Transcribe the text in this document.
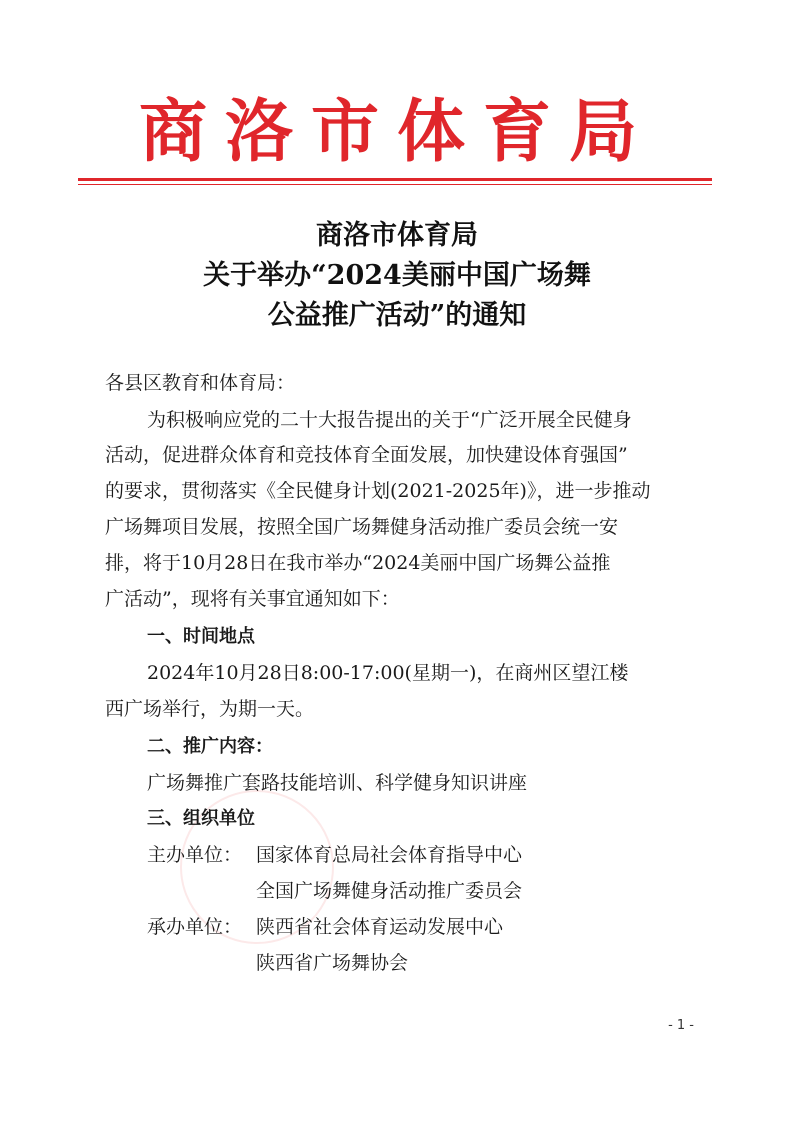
商洛市体育局
商洛市体育局
关于举办“2024美丽中国广场舞
公益推广活动”的通知
各县区教育和体育局：
为积极响应党的二十大报告提出的关于“广泛开展全民健身
活动，促进群众体育和竞技体育全面发展，加快建设体育强国”
的要求，贯彻落实《全民健身计划(2021-2025年)》，进一步推动
广场舞项目发展，按照全国广场舞健身活动推广委员会统一安
排，将于10月28日在我市举办“2024美丽中国广场舞公益推
广活动”，现将有关事宜通知如下：
一、时间地点
2024年10月28日8:00-17:00(星期一)，在商州区望江楼
西广场举行，为期一天。
二、推广内容：
广场舞推广套路技能培训、科学健身知识讲座
三、组织单位
主办单位： 国家体育总局社会体育指导中心
全国广场舞健身活动推广委员会
承办单位： 陕西省社会体育运动发展中心
陕西省广场舞协会
- 1 -
